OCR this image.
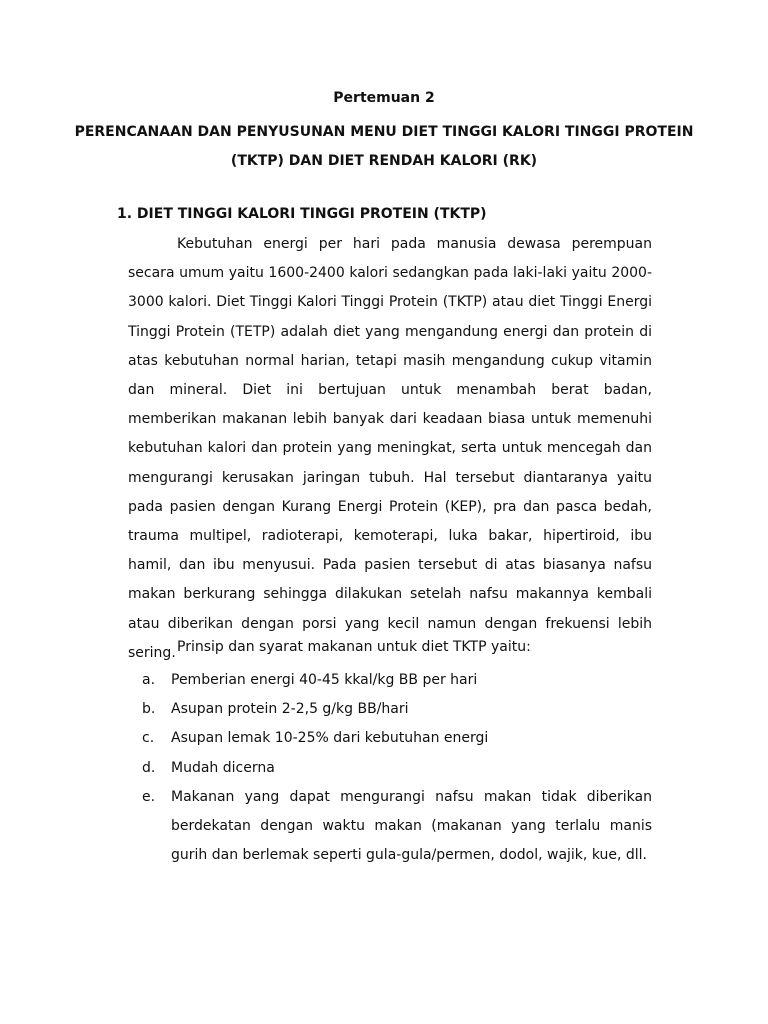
Pertemuan 2
PERENCANAAN DAN PENYUSUNAN MENU DIET TINGGI KALORI TINGGI PROTEIN (TKTP) DAN DIET RENDAH KALORI (RK)
1. DIET TINGGI KALORI TINGGI PROTEIN (TKTP)

Kebutuhan energi per hari pada manusia dewasa perempuan secara umum yaitu 1600-2400 kalori sedangkan pada laki-laki yaitu 2000-3000 kalori. Diet Tinggi Kalori Tinggi Protein (TKTP) atau diet Tinggi Energi Tinggi Protein (TETP) adalah diet yang mengandung energi dan protein di atas kebutuhan normal harian, tetapi masih mengandung cukup vitamin dan mineral. Diet ini bertujuan untuk menambah berat badan, memberikan makanan lebih banyak dari keadaan biasa untuk memenuhi kebutuhan kalori dan protein yang meningkat, serta untuk mencegah dan mengurangi kerusakan jaringan tubuh. Hal tersebut diantaranya yaitu pada pasien dengan Kurang Energi Protein (KEP), pra dan pasca bedah, trauma multipel, radioterapi, kemoterapi, luka bakar, hipertiroid, ibu hamil, dan ibu menyusui. Pada pasien tersebut di atas biasanya nafsu makan berkurang sehingga dilakukan setelah nafsu makannya kembali atau diberikan dengan porsi yang kecil namun dengan frekuensi lebih sering. Prinsip dan syarat makanan untuk diet TKTP yaitu:
a. Pemberian energi 40-45 kkal/kg BB per hari
b. Asupan protein 2-2,5 g/kg BB/hari
c. Asupan lemak 10-25% dari kebutuhan energi
d. Mudah dicerna
e. Makanan yang dapat mengurangi nafsu makan tidak diberikan berdekatan dengan waktu makan (makanan yang terlalu manis gurih dan berlemak seperti gula-gula/permen, dodol, wajik, kue, dll.
